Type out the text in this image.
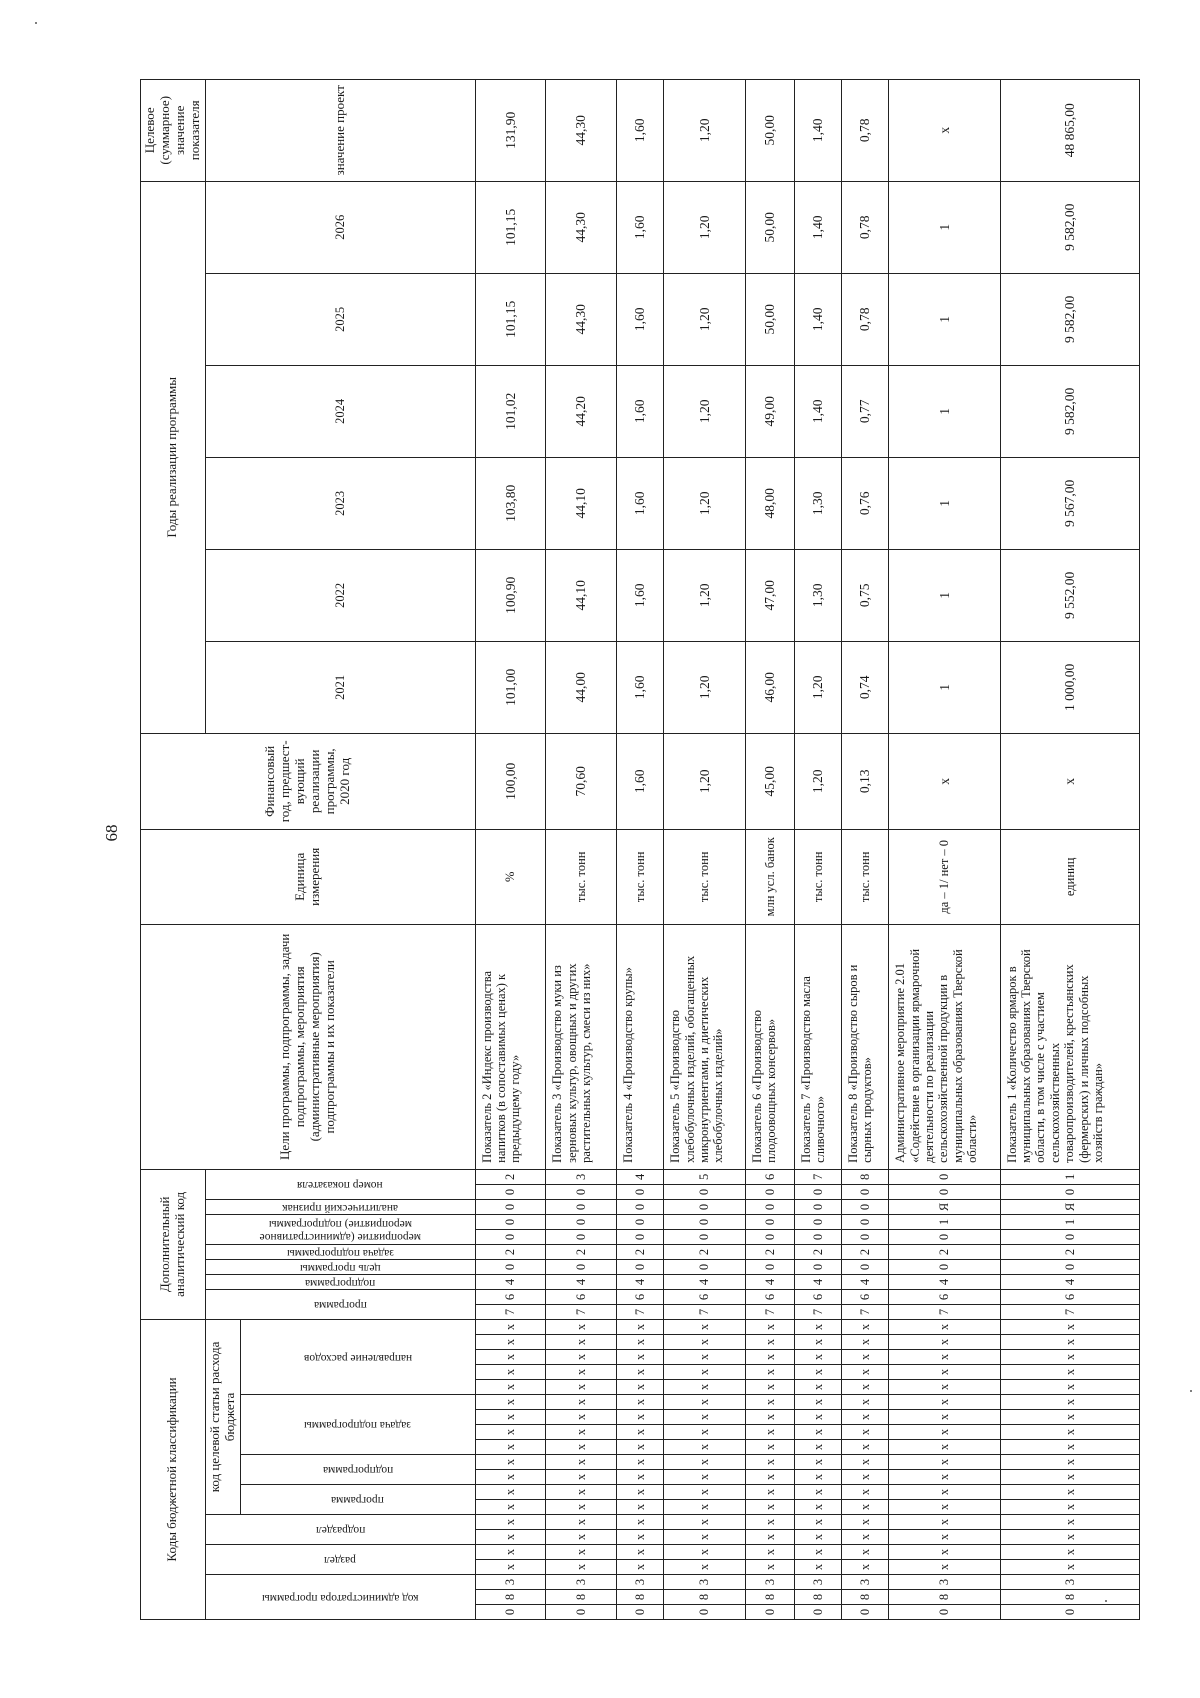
68
Коды бюджетной классификации																				Дополнительный аналитический код										Цели программы, подпрограммы, задачи подпрограммы, мероприятия (административные мероприятия) подпрограммы и их показатели	Единица измерения	Финансовый год, предшест-вующий реализации программы, 2020 год	Годы реализации программы						Целевое (суммарное) значение показателя

код администратора программы			раздел		подраздел		код целевой статьи расхода бюджета													программа		подпрограмма	цель программы	задача подпрограммы	мероприятие (административное мероприятие) подпрограммы		аналитический признак	номер показателя					2021	2022	2023	2024	2025	2026	значение проект

							программа		подпрограмма		задача подпрограммы				направление расходов																								

0	8	3	x	x	x	x	x	x	x	x	x	x	x	x	x	x	x	x	x	7	6	4	0	2	0	0	0	0	2	Показатель 2 «Индекс производства напитков (в сопоставимых ценах) к предыдущему году»	%	100,00	101,00	100,90	103,80	101,02	101,15	101,15	131,90
0	8	3	x	x	x	x	x	x	x	x	x	x	x	x	x	x	x	x	x	7	6	4	0	2	0	0	0	0	3	Показатель 3 «Производство муки из зерновых культур, овощных и других растительных культур, смеси из них»	тыс. тонн	70,60	44,00	44,10	44,10	44,20	44,30	44,30	44,30
0	8	3	x	x	x	x	x	x	x	x	x	x	x	x	x	x	x	x	x	7	6	4	0	2	0	0	0	0	4	Показатель 4 «Производство крупы»	тыс. тонн	1,60	1,60	1,60	1,60	1,60	1,60	1,60	1,60
0	8	3	x	x	x	x	x	x	x	x	x	x	x	x	x	x	x	x	x	7	6	4	0	2	0	0	0	0	5	Показатель 5 «Производство хлебобулочных изделий, обогащенных микронутриентами, и диетических хлебобулочных изделий»	тыс. тонн	1,20	1,20	1,20	1,20	1,20	1,20	1,20	1,20
0	8	3	x	x	x	x	x	x	x	x	x	x	x	x	x	x	x	x	x	7	6	4	0	2	0	0	0	0	6	Показатель 6 «Производство плодоовощных консервов»	млн усл. банок	45,00	46,00	47,00	48,00	49,00	50,00	50,00	50,00
0	8	3	x	x	x	x	x	x	x	x	x	x	x	x	x	x	x	x	x	7	6	4	0	2	0	0	0	0	7	Показатель 7 «Производство масла сливочного»	тыс. тонн	1,20	1,20	1,30	1,30	1,40	1,40	1,40	1,40
0	8	3	x	x	x	x	x	x	x	x	x	x	x	x	x	x	x	x	x	7	6	4	0	2	0	0	0	0	8	Показатель 8 «Производство сыров и сырных продуктов»	тыс. тонн	0,13	0,74	0,75	0,76	0,77	0,78	0,78	0,78
0	8	3	x	x	x	x	x	x	x	x	x	x	x	x	x	x	x	x	x	7	6	4	0	2	0	1	Я	0	0	Административное мероприятие 2.01 «Содействие в организации ярмарочной деятельности по реализации сельскохозяйственной продукции в муниципальных образованиях Тверской области»	да – 1/ нет – 0	x	1	1	1	1	1	1	x
0	8	3	x	x	x	x	x	x	x	x	x	x	x	x	x	x	x	x	x	7	6	4	0	2	0	1	Я	0	1	Показатель 1 «Количество ярмарок в муниципальных образованиях Тверской области, в том числе с участием сельскохозяйственных товаропроизводителей, крестьянских (фермерских) и личных подсобных хозяйств граждан»	единиц	x	1 000,00	9 552,00	9 567,00	9 582,00	9 582,00	9 582,00	48 865,00
